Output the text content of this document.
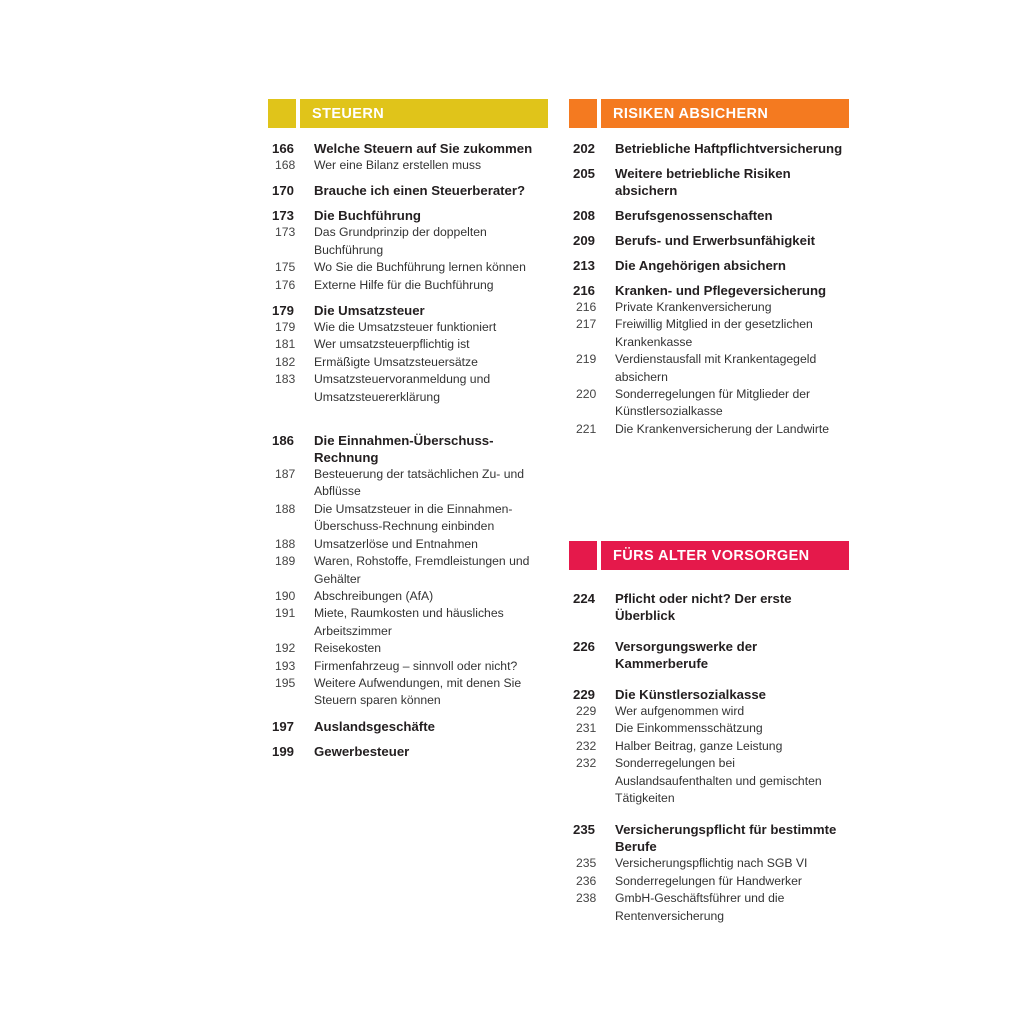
STEUERN
166	Welche Steuern auf Sie zukommen
168	Wer eine Bilanz erstellen muss
170	Brauche ich einen Steuerberater?
173	Die Buchführung
173	Das Grundprinzip der doppelten Buchführung
175	Wo Sie die Buchführung lernen können
176	Externe Hilfe für die Buchführung
179	Die Umsatzsteuer
179	Wie die Umsatzsteuer funktioniert
181	Wer umsatzsteuerpflichtig ist
182	Ermäßigte Umsatzsteuersätze
183	Umsatzsteuervoranmeldung und Umsatzsteuererklärung
186	Die Einnahmen-Überschuss-Rechnung
187	Besteuerung der tatsächlichen Zu- und Abflüsse
188	Die Umsatzsteuer in die Einnahmen-Überschuss-Rechnung einbinden
188	Umsatzerlöse und Entnahmen
189	Waren, Rohstoffe, Fremdleistungen und Gehälter
190	Abschreibungen (AfA)
191	Miete, Raumkosten und häusliches Arbeitszimmer
192	Reisekosten
193	Firmenfahrzeug – sinnvoll oder nicht?
195	Weitere Aufwendungen, mit denen Sie Steuern sparen können
197	Auslandsgeschäfte
199	Gewerbesteuer
RISIKEN ABSICHERN
202	Betriebliche Haftpflichtversicherung
205	Weitere betriebliche Risiken absichern
208	Berufsgenossenschaften
209	Berufs- und Erwerbsunfähigkeit
213	Die Angehörigen absichern
216	Kranken- und Pflegeversicherung
216	Private Krankenversicherung
217	Freiwillig Mitglied in der gesetzlichen Krankenkasse
219	Verdienstausfall mit Krankentagegeld absichern
220	Sonderregelungen für Mitglieder der Künstlersozialkasse
221	Die Krankenversicherung der Landwirte
FÜRS ALTER VORSORGEN
224	Pflicht oder nicht? Der erste Überblick
226	Versorgungswerke der Kammerberufe
229	Die Künstlersozialkasse
229	Wer aufgenommen wird
231	Die Einkommensschätzung
232	Halber Beitrag, ganze Leistung
232	Sonderregelungen bei Auslandsaufenthalten und gemischten Tätigkeiten
235	Versicherungspflicht für bestimmte Berufe
235	Versicherungspflichtig nach SGB VI
236	Sonderregelungen für Handwerker
238	GmbH-Geschäftsführer und die Rentenversicherung
